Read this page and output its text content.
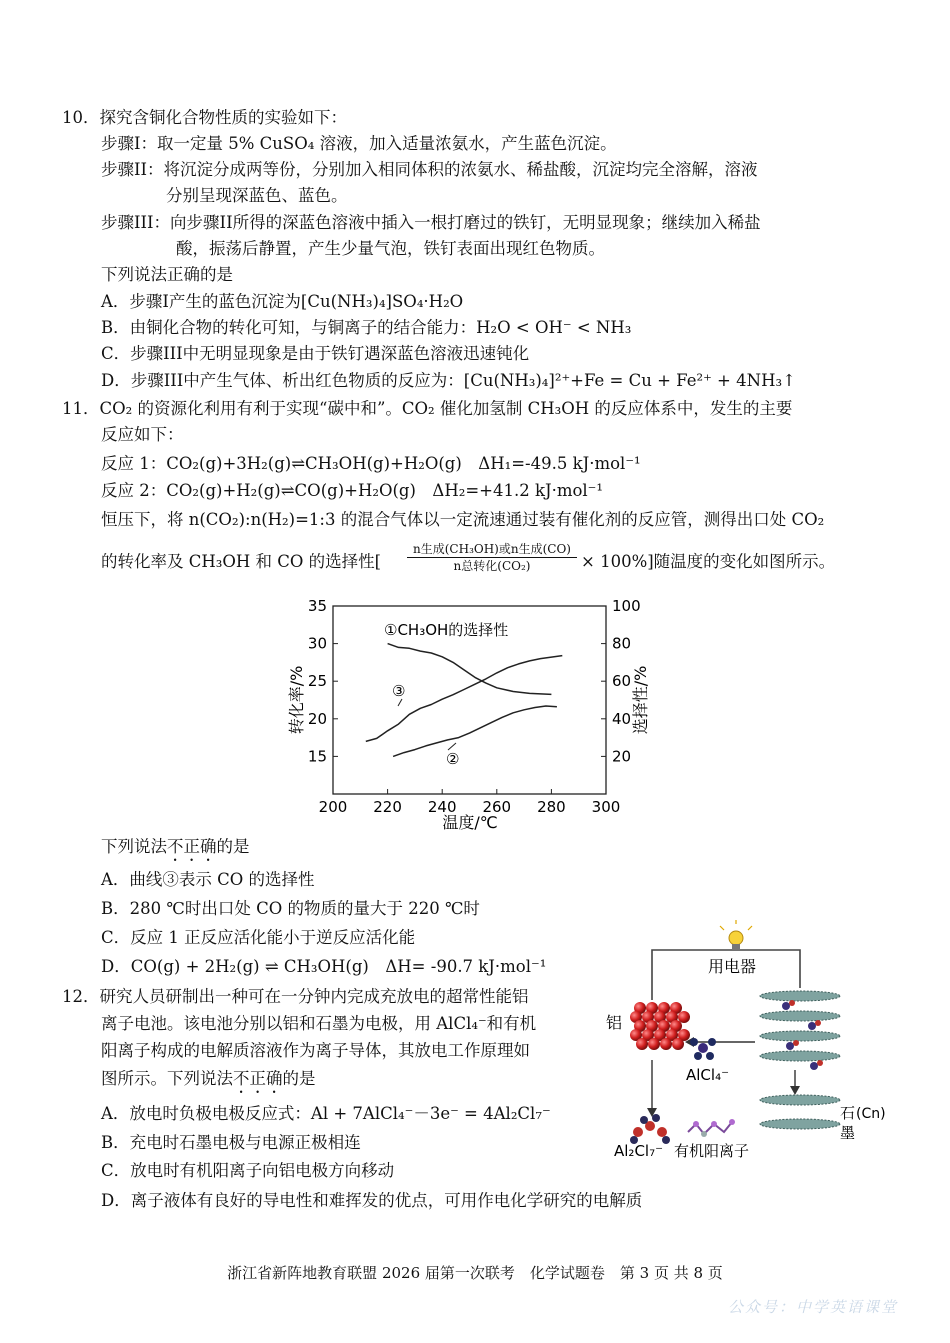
10．探究含铜化合物性质的实验如下：
步骤I：取一定量 5% CuSO₄ 溶液，加入适量浓氨水，产生蓝色沉淀。
步骤II：将沉淀分成两等份，分别加入相同体积的浓氨水、稀盐酸，沉淀均完全溶解，溶液
分别呈现深蓝色、蓝色。
步骤III：向步骤II所得的深蓝色溶液中插入一根打磨过的铁钉，无明显现象；继续加入稀盐
酸，振荡后静置，产生少量气泡，铁钉表面出现红色物质。
下列说法正确的是
A．步骤I产生的蓝色沉淀为[Cu(NH₃)₄]SO₄·H₂O
B．由铜化合物的转化可知，与铜离子的结合能力：H₂O < OH⁻ < NH₃
C．步骤III中无明显现象是由于铁钉遇深蓝色溶液迅速钝化
D．步骤III中产生气体、析出红色物质的反应为：[Cu(NH₃)₄]²⁺+Fe = Cu + Fe²⁺ + 4NH₃↑
11．CO₂ 的资源化利用有利于实现“碳中和”。CO₂ 催化加氢制 CH₃OH 的反应体系中，发生的主要
反应如下：
反应 1：CO₂(g)+3H₂(g)⇌CH₃OH(g)+H₂O(g)　ΔH₁=-49.5 kJ·mol⁻¹
反应 2：CO₂(g)+H₂(g)⇌CO(g)+H₂O(g)　ΔH₂=+41.2 kJ·mol⁻¹
恒压下，将 n(CO₂):n(H₂)=1:3 的混合气体以一定流速通过装有催化剂的反应管，测得出口处 CO₂
的转化率及 CH₃OH 和 CO 的选择性[
n生成(CH₃OH)或n生成(CO)
n总转化(CO₂)	× 100%]随温度的变化如图所示。
200 220 240 260 280 300
15
20
25
30
35
20
40
60
80
100
转化率/%	选择性/%
温度/℃
①CH₃OH的选择性
③
②
下列说法不正确的是
A．曲线③表示 CO 的选择性
B．280 ℃时出口处 CO 的物质的量大于 220 ℃时
C．反应 1 正反应活化能小于逆反应活化能
D．CO(g) + 2H₂(g) ⇌ CH₃OH(g)　ΔH= -90.7 kJ·mol⁻¹
12．研究人员研制出一种可在一分钟内完成充放电的超常性能铝
离子电池。该电池分别以铝和石墨为电极，用 AlCl₄⁻和有机
阳离子构成的电解质溶液作为离子导体，其放电工作原理如
图所示。下列说法不正确的是
A．放电时负极电极反应式：Al + 7AlCl₄⁻－3e⁻ = 4Al₂Cl₇⁻
B．充电时石墨电极与电源正极相连
C．放电时有机阳离子向铝电极方向移动
D．离子液体有良好的导电性和难挥发的优点，可用作电化学研究的电解质
用电器
铝
石 (Cn)
墨
AlCl₄⁻
Al₂Cl₇⁻ 有机阳离子
浙江省新阵地教育联盟 2026 届第一次联考　化学试题卷　第 3 页 共 8 页
公众号：中学英语课堂
